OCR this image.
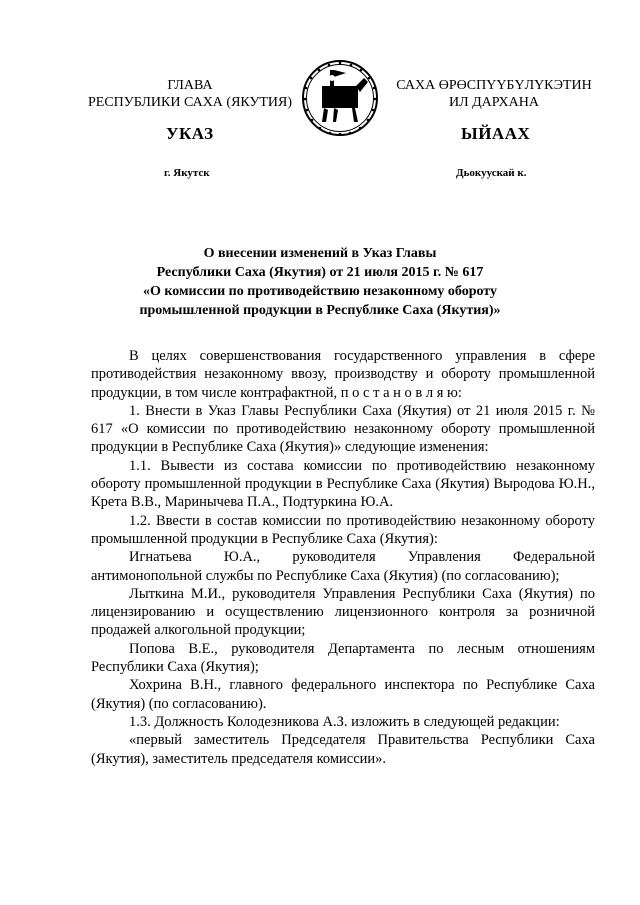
ГЛАВА
РЕСПУБЛИКИ САХА (ЯКУТИЯ)
САХА ӨРӨСПҮҮБҮЛҮКЭТИН
ИЛ ДАРХАНА
УКАЗ	ЫЙААХ
г. Якутск	Дьокуускай к.
О внесении изменений в Указ Главы
Республики Саха (Якутия) от 21 июля 2015 г. № 617
«О комиссии по противодействию незаконному обороту
промышленной продукции в Республике Саха (Якутия)»

В целях совершенствования государственного управления в сфере противодействия незаконному ввозу, производству и обороту промышленной продукции, в том числе контрафактной, п о с т а н о в л я ю:

1. Внести в Указ Главы Республики Саха (Якутия) от 21 июля 2015 г. № 617 «О комиссии по противодействию незаконному обороту промышленной продукции в Республике Саха (Якутия)» следующие изменения:

1.1. Вывести из состава комиссии по противодействию незаконному обороту промышленной продукции в Республике Саха (Якутия) Выродова Ю.Н., Крета В.В., Маринычева П.А., Подтуркина Ю.А.

1.2. Ввести в состав комиссии по противодействию незаконному обороту промышленной продукции в Республике Саха (Якутия):

Игнатьева Ю.А., руководителя Управления Федеральной антимонопольной службы по Республике Саха (Якутия) (по согласованию);

Лыткина М.И., руководителя Управления Республики Саха (Якутия) по лицензированию и осуществлению лицензионного контроля за розничной продажей алкогольной продукции;

Попова В.Е., руководителя Департамента по лесным отношениям Республики Саха (Якутия);

Хохрина В.Н., главного федерального инспектора по Республике Саха (Якутия) (по согласованию).

1.3. Должность Колодезникова А.З. изложить в следующей редакции:

«первый заместитель Председателя Правительства Республики Саха (Якутия), заместитель председателя комиссии».
